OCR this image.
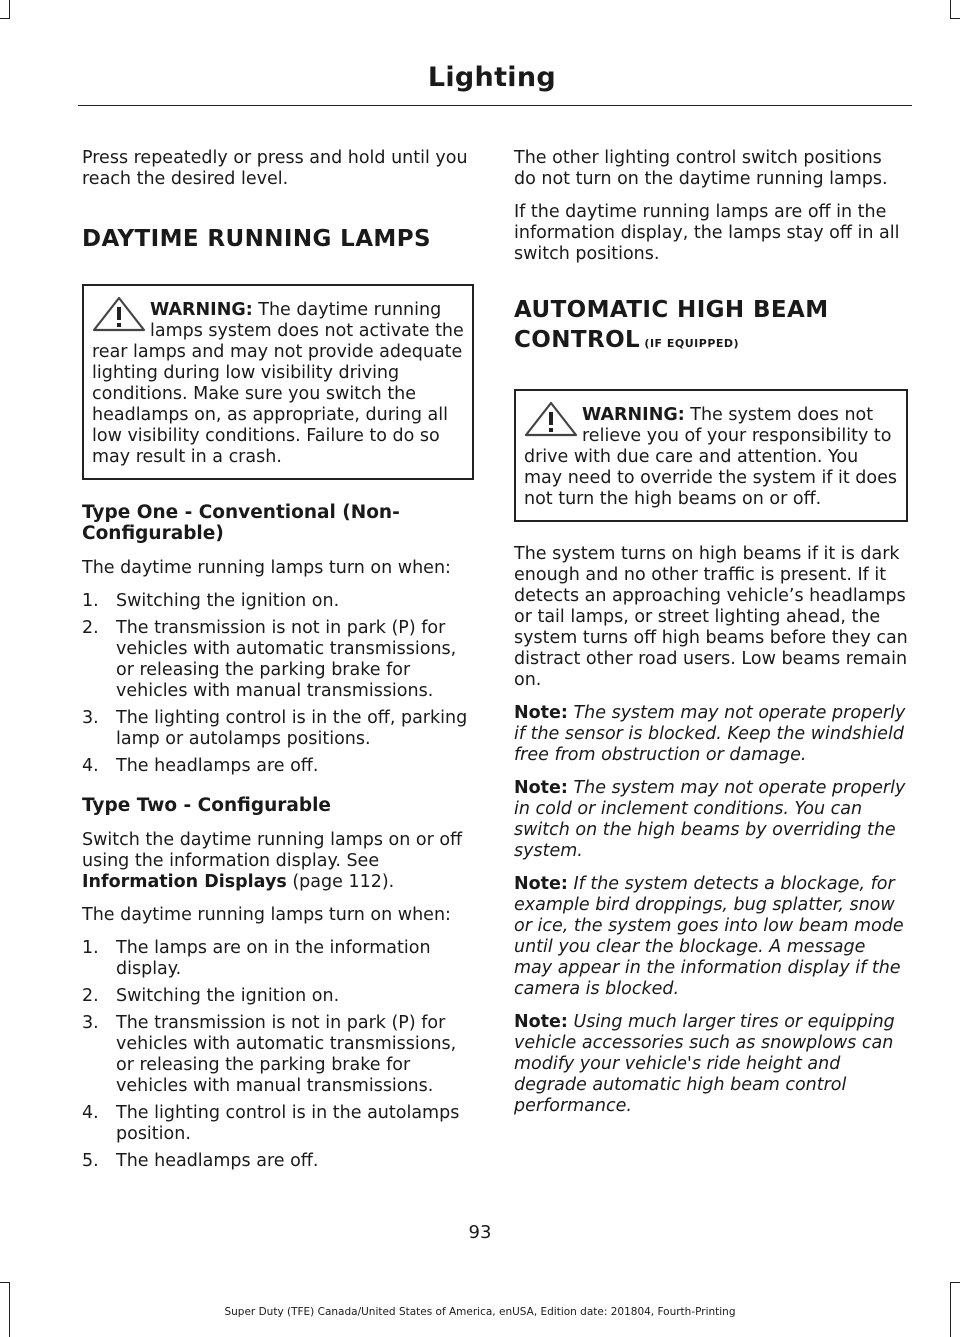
Lighting

Press repeatedly or press and hold until you reach the desired level.

DAYTIME RUNNING LAMPS
WARNING: The daytime running lamps system does not activate the rear lamps and may not provide adequate lighting during low visibility driving conditions. Make sure you switch the headlamps on, as appropriate, during all low visibility conditions. Failure to do so may result in a crash.
Type One - Conventional (Non-Configurable)

The daytime running lamps turn on when:

1. Switching the ignition on.
2. The transmission is not in park (P) for vehicles with automatic transmissions, or releasing the parking brake for vehicles with manual transmissions.
3. The lighting control is in the off, parking lamp or autolamps positions.
4. The headlamps are off.
Type Two - Configurable

Switch the daytime running lamps on or off using the information display. See Information Displays (page 112).

The daytime running lamps turn on when:

1. The lamps are on in the information display.
2. Switching the ignition on.
3. The transmission is not in park (P) for vehicles with automatic transmissions, or releasing the parking brake for vehicles with manual transmissions.
4. The lighting control is in the autolamps position.
5. The headlamps are off.

The other lighting control switch positions do not turn on the daytime running lamps.

If the daytime running lamps are off in the information display, the lamps stay off in all switch positions.

AUTOMATIC HIGH BEAM
CONTROL (IF EQUIPPED)
WARNING: The system does not relieve you of your responsibility to drive with due care and attention. You may need to override the system if it does not turn the high beams on or off.

The system turns on high beams if it is dark enough and no other traffic is present. If it detects an approaching vehicle’s headlamps or tail lamps, or street lighting ahead, the system turns off high beams before they can distract other road users. Low beams remain on.

Note: The system may not operate properly if the sensor is blocked. Keep the windshield free from obstruction or damage.

Note: The system may not operate properly in cold or inclement conditions. You can switch on the high beams by overriding the system.

Note: If the system detects a blockage, for example bird droppings, bug splatter, snow or ice, the system goes into low beam mode until you clear the blockage. A message may appear in the information display if the camera is blocked.

Note: Using much larger tires or equipping vehicle accessories such as snowplows can modify your vehicle's ride height and degrade automatic high beam control performance.

93
Super Duty (TFE) Canada/United States of America, enUSA, Edition date: 201804, Fourth-Printing
